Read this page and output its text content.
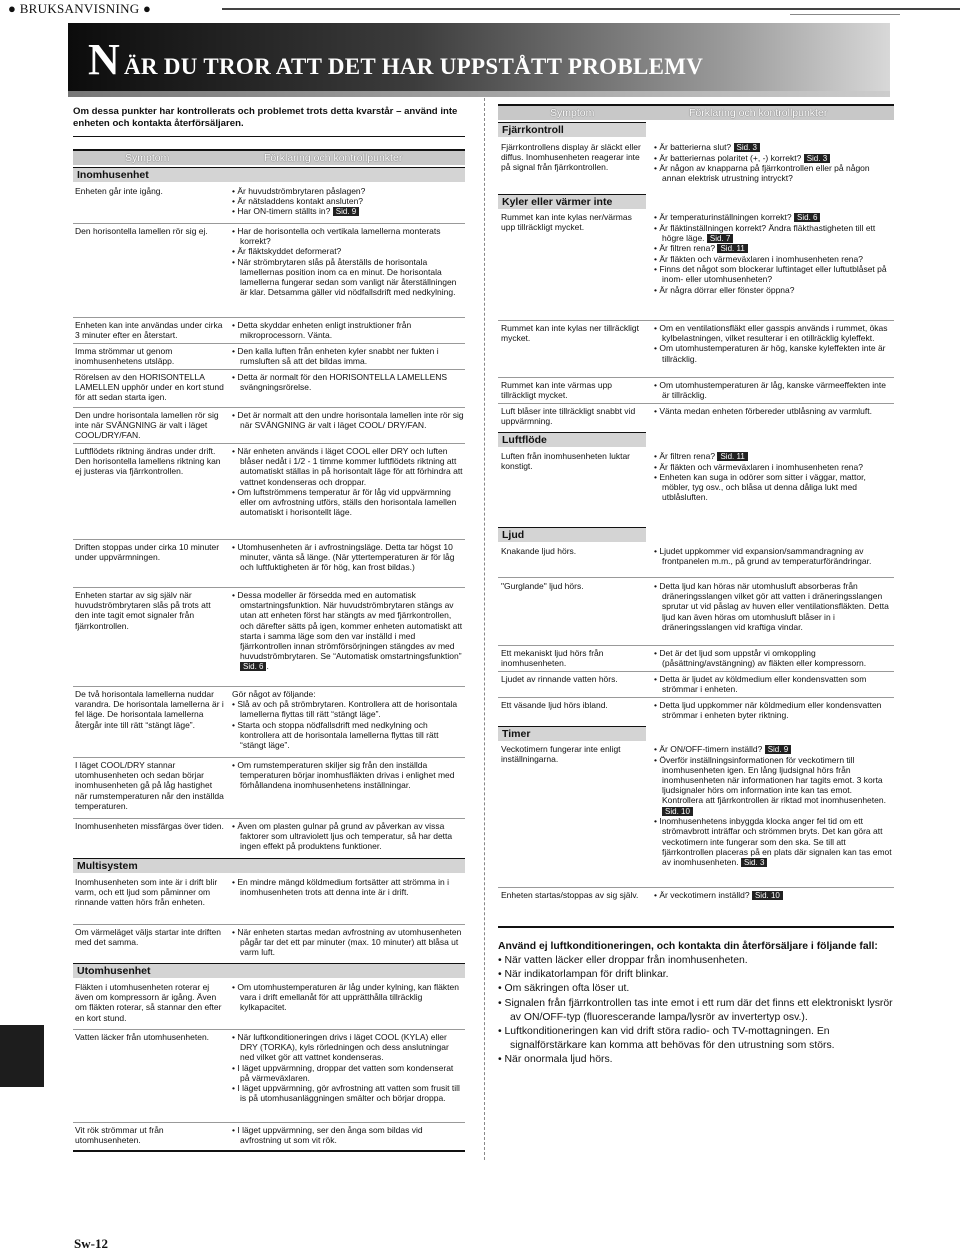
● BRUKSANVISNING ●
N ÄR DU TROR ATT DET HAR UPPSTÅTT PROBLEMV
Sw-12
Om dessa punkter har kontrollerats och problemet trots detta kvarstår – använd inte enheten och kontakta återförsäljaren.
Symptom	Förklaring och kontrollpunkter
Inomhusenhet
Enheten går inte igång.	• Är huvudströmbrytaren påslagen?
• Är nätsladdens kontakt ansluten?
• Har ON-timern ställts in? Sid. 9
Den horisontella lamellen rör sig ej.	• Har de horisontella och vertikala lamellerna monterats korrekt?
• Är fläktskyddet deformerat?
• När strömbrytaren slås på återställs de horisontala lamellernas position inom ca en minut. De horisontala lamellerna fungerar sedan som vanligt när återställningen är klar. Detsamma gäller vid nödfallsdrift med nedkylning.
Enheten kan inte användas under cirka 3 minuter efter en återstart.
• Detta skyddar enheten enligt instruktioner från mikroprocessorn. Vänta.
Imma strömmar ut genom inomhusenhetens utsläpp.
• Den kalla luften från enheten kyler snabbt ner fukten i rumsluften så att det bildas imma.
Rörelsen av den HORISONTELLA LAMELLEN upphör under en kort stund för att sedan starta igen.
• Detta är normalt för den HORISONTELLA LAMELLENS svängningsrörelse.
Den undre horisontala lamellen rör sig inte när SVÄNGNING är valt i läget COOL/DRY/FAN.
• Det är normalt att den undre horisontala lamellen inte rör sig när SVÄNGNING är valt i läget COOL/ DRY/FAN.
Luftflödets riktning ändras under drift.
Den horisontella lamellens riktning kan ej justeras via fjärrkontrollen.
• När enheten används i läget COOL eller DRY och luften blåser nedåt i 1/2 - 1 timme kommer luftflödets riktning att automatiskt ställas in på horisontalt läge för att förhindra att vattnet kondenseras och droppar.
• Om luftströmmens temperatur är för låg vid uppvärmning eller om avfrostning utförs, ställs den horisontala lamellen automatiskt i horisontellt läge.
Driften stoppas under cirka 10 minuter under uppvärmningen.
• Utomhusenheten är i avfrostningsläge. Detta tar högst 10 minuter, vänta så länge. (När yttertemperaturen är för låg och luftfuktigheten är för hög, kan frost bildas.)
Enheten startar av sig själv när huvudströmbrytaren slås på trots att den inte tagit emot signaler från fjärrkontrollen.
• Dessa modeller är försedda med en automatisk omstartningsfunktion. När huvudströmbrytaren stängs av utan att enheten först har stängts av med fjärrkontrollen, och därefter sätts på igen, kommer enheten automatiskt att starta i samma läge som den var inställd i med fjärrkontrollen innan strömförsörjningen stängdes av med huvudströmbrytaren. Se “Automatisk omstartningsfunktion” Sid. 6 .
De två horisontala lamellerna nuddar varandra. De horisontala lamellerna är i fel läge. De horisontala lamellerna återgår inte till rätt “stängt läge”.
Gör något av följande:
• Slå av och på strömbrytaren. Kontrollera att de horisontala lamellerna flyttas till rätt “stängt läge”.
• Starta och stoppa nödfallsdrift med nedkylning och kontrollera att de horisontala lamellerna flyttas till rätt “stängt läge”.
I läget COOL/DRY stannar utomhusenheten och sedan börjar inomhusenheten gå på låg hastighet när rumstemperaturen når den inställda temperaturen.
• Om rumstemperaturen skiljer sig från den inställda temperaturen börjar inomhusfläkten drivas i enlighet med förhållandena inomhusenhetens inställningar.
Inomhusenheten missfärgas över tiden.	• Även om plasten gulnar på grund av påverkan av vissa faktorer som ultraviolett ljus och temperatur, så har detta ingen effekt på produktens funktioner.
Multisystem
Inomhusenheten som inte är i drift blir varm, och ett ljud som påminner om rinnande vatten hörs från enheten.
• En mindre mängd köldmedium fortsätter att strömma in i inomhusenheten trots att denna inte är i drift.
Om värmeläget väljs startar inte driften med det samma.
• När enheten startas medan avfrostning av utomhusenheten pågår tar det ett par minuter (max. 10 minuter) att blåsa ut varm luft.
Utomhusenhet
Fläkten i utomhusenheten roterar ej även om kompressorn är igång. Även om fläkten roterar, så stannar den efter en kort stund.
• Om utomhustemperaturen är låg under kylning, kan fläkten vara i drift emellanåt för att upprätthålla tillräcklig kylkapacitet.
Vatten läcker från utomhusenheten.	• När luftkonditioneringen drivs i läget COOL (KYLA) eller DRY (TORKA), kyls rörledningen och dess anslutningar ned vilket gör att vattnet kondenseras.
• I läget uppvärmning, droppar det vatten som kondenserat på värmeväxlaren.
• I läget uppvärmning, gör avfrostning att vatten som frusit till is på utomhusanläggningen smälter och börjar droppa.
Vit rök strömmar ut från utomhusenheten.
• I läget uppvärmning, ser den ånga som bildas vid avfrostning ut som vit rök.
Symptom	Förklaring och kontrollpunkter
Fjärrkontroll
Fjärrkontrollens display är släckt eller diffus. Inomhusenheten reagerar inte på signal från fjärrkontrollen.
• Är batterierna slut? Sid. 3
• Är batteriernas polaritet (+, -) korrekt? Sid. 3
• Är någon av knapparna på fjärrkontrollen eller på någon annan elektrisk utrustning intryckt?
Kyler eller värmer inte
Rummet kan inte kylas ner/värmas upp tillräckligt mycket.
• Är temperaturinställningen korrekt? Sid. 6
• Är fläktinställningen korrekt? Ändra fläkthastigheten till ett högre läge. Sid. 7
• Är filtren rena? Sid. 11
• Är fläkten och värmeväxlaren i inomhusenheten rena?
• Finns det något som blockerar luftintaget eller luftutblåset på inom- eller utomhusenheten?
• Är några dörrar eller fönster öppna?
Rummet kan inte kylas ner tillräckligt mycket.
• Om en ventilationsfläkt eller gasspis används i rummet, ökas kylbelastningen, vilket resulterar i en otillräcklig kyleffekt.
• Om utomhustemperaturen är hög, kanske kyleffekten inte är tillräcklig.
Rummet kan inte värmas upp tillräckligt mycket.
• Om utomhustemperaturen är låg, kanske värmeeffekten inte är tillräcklig.
Luft blåser inte tillräckligt snabbt vid uppvärmning.
• Vänta medan enheten förbereder utblåsning av varmluft.
Luftflöde
Luften från inomhusenheten luktar konstigt.
• Är filtren rena? Sid. 11
• Är fläkten och värmeväxlaren i inomhusenheten rena?
• Enheten kan suga in odörer som sitter i väggar, mattor, möbler, tyg osv., och blåsa ut denna dåliga lukt med utblåsluften.
Ljud
Knakande ljud hörs.	• Ljudet uppkommer vid expansion/sammandragning av frontpanelen m.m., på grund av temperaturförändringar.
"Gurglande" ljud hörs.	• Detta ljud kan höras när utomhusluft absorberas från dräneringsslangen vilket gör att vatten i dräneringsslangen sprutar ut vid påslag av huven eller ventilationsfläkten. Detta ljud kan även höras om utomhusluft blåser in i dräneringsslangen vid kraftiga vindar.
Ett mekaniskt ljud hörs från inomhusenheten.
• Det är det ljud som uppstår vi omkoppling (påsättning/avstängning) av fläkten eller kompressorn.
Ljudet av rinnande vatten hörs.	• Detta är ljudet av köldmedium eller kondensvatten som strömmar i enheten.
Ett väsande ljud hörs ibland.	• Detta ljud uppkommer när köldmedium eller kondensvatten strömmar i enheten byter riktning.
Timer
Veckotimern fungerar inte enligt inställningarna.
• Är ON/OFF-timern inställd? Sid. 9
• Överför inställningsinformationen för veckotimern till inomhusenheten igen. En lång ljudsignal hörs från inomhusenheten när informationen har tagits emot. 3 korta ljudsignaler hörs om information inte kan tas emot. Kontrollera att fjärrkontrollen är riktad mot inomhusenheten. Sid. 10
• Inomhusenhetens inbyggda klocka anger fel tid om ett strömavbrott inträffar och strömmen bryts. Det kan göra att veckotimern inte fungerar som den ska. Se till att fjärrkontrollen placeras på en plats där signalen kan tas emot av inomhusenheten. Sid. 3
Enheten startas/stoppas av sig själv.	• Är veckotimern inställd? Sid. 10
Använd ej luftkonditioneringen, och kontakta din återförsäljare i följande fall:
• När vatten läcker eller droppar från inomhusenheten.
• När indikatorlampan för drift blinkar.
• Om säkringen ofta löser ut.
• Signalen från fjärrkontrollen tas inte emot i ett rum där det finns ett elektroniskt lysrör av ON/OFF-typ (fluorescerande lampa/lysrör av invertertyp osv.).
• Luftkonditioneringen kan vid drift störa radio- och TV-mottagningen. En signalförstärkare kan komma att behövas för den utrustning som störs.
• När onormala ljud hörs.
